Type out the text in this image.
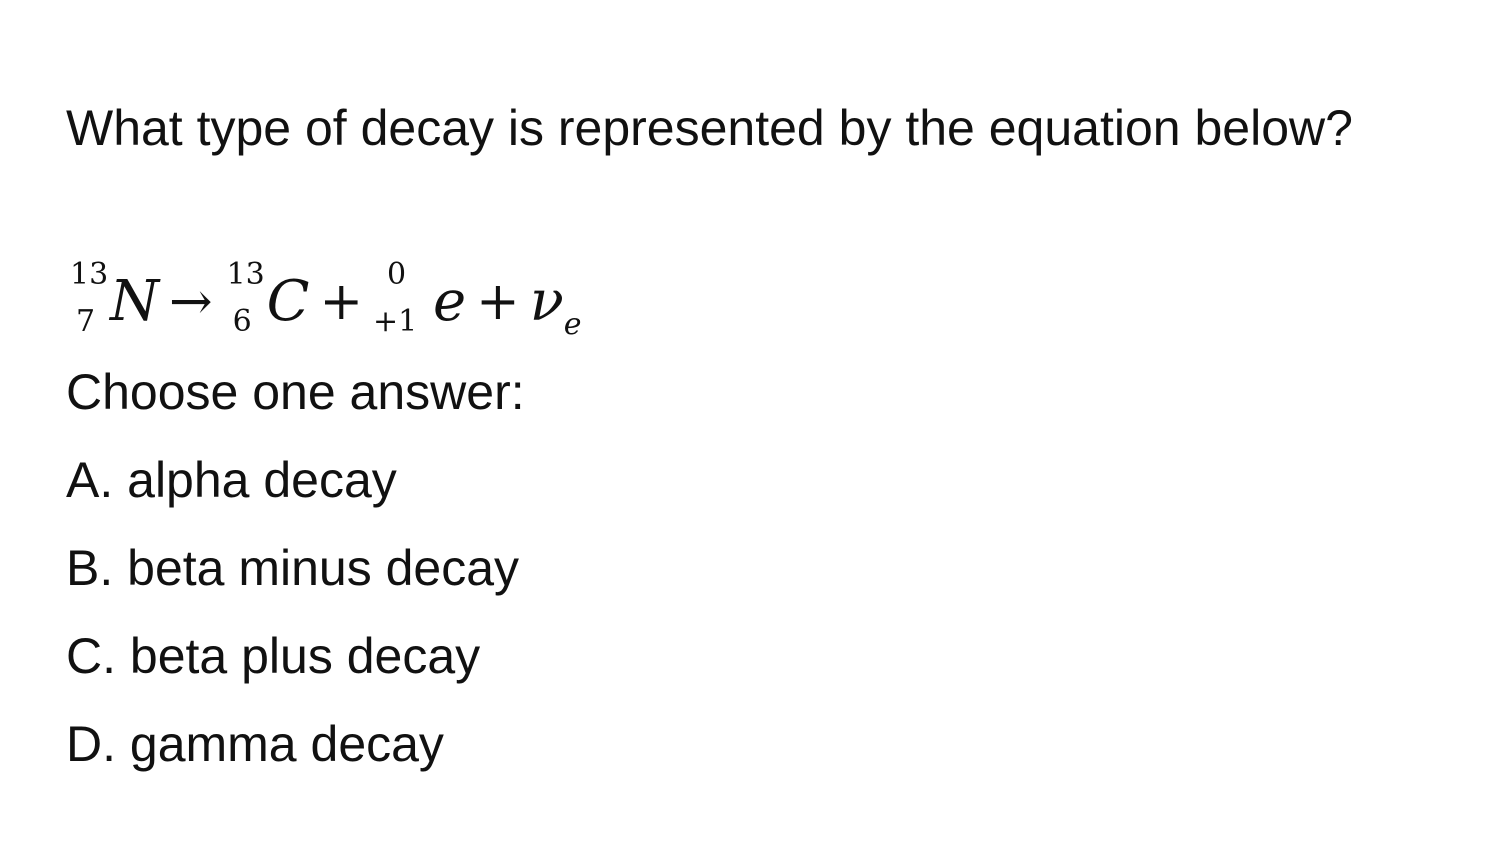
What type of decay is represented by the equation below?

13
7 N → 13
6 C + 0
+1 $e + \nu_e$
Choose one answer:
A. alpha decay
B. beta minus decay
C. beta plus decay
D. gamma decay
